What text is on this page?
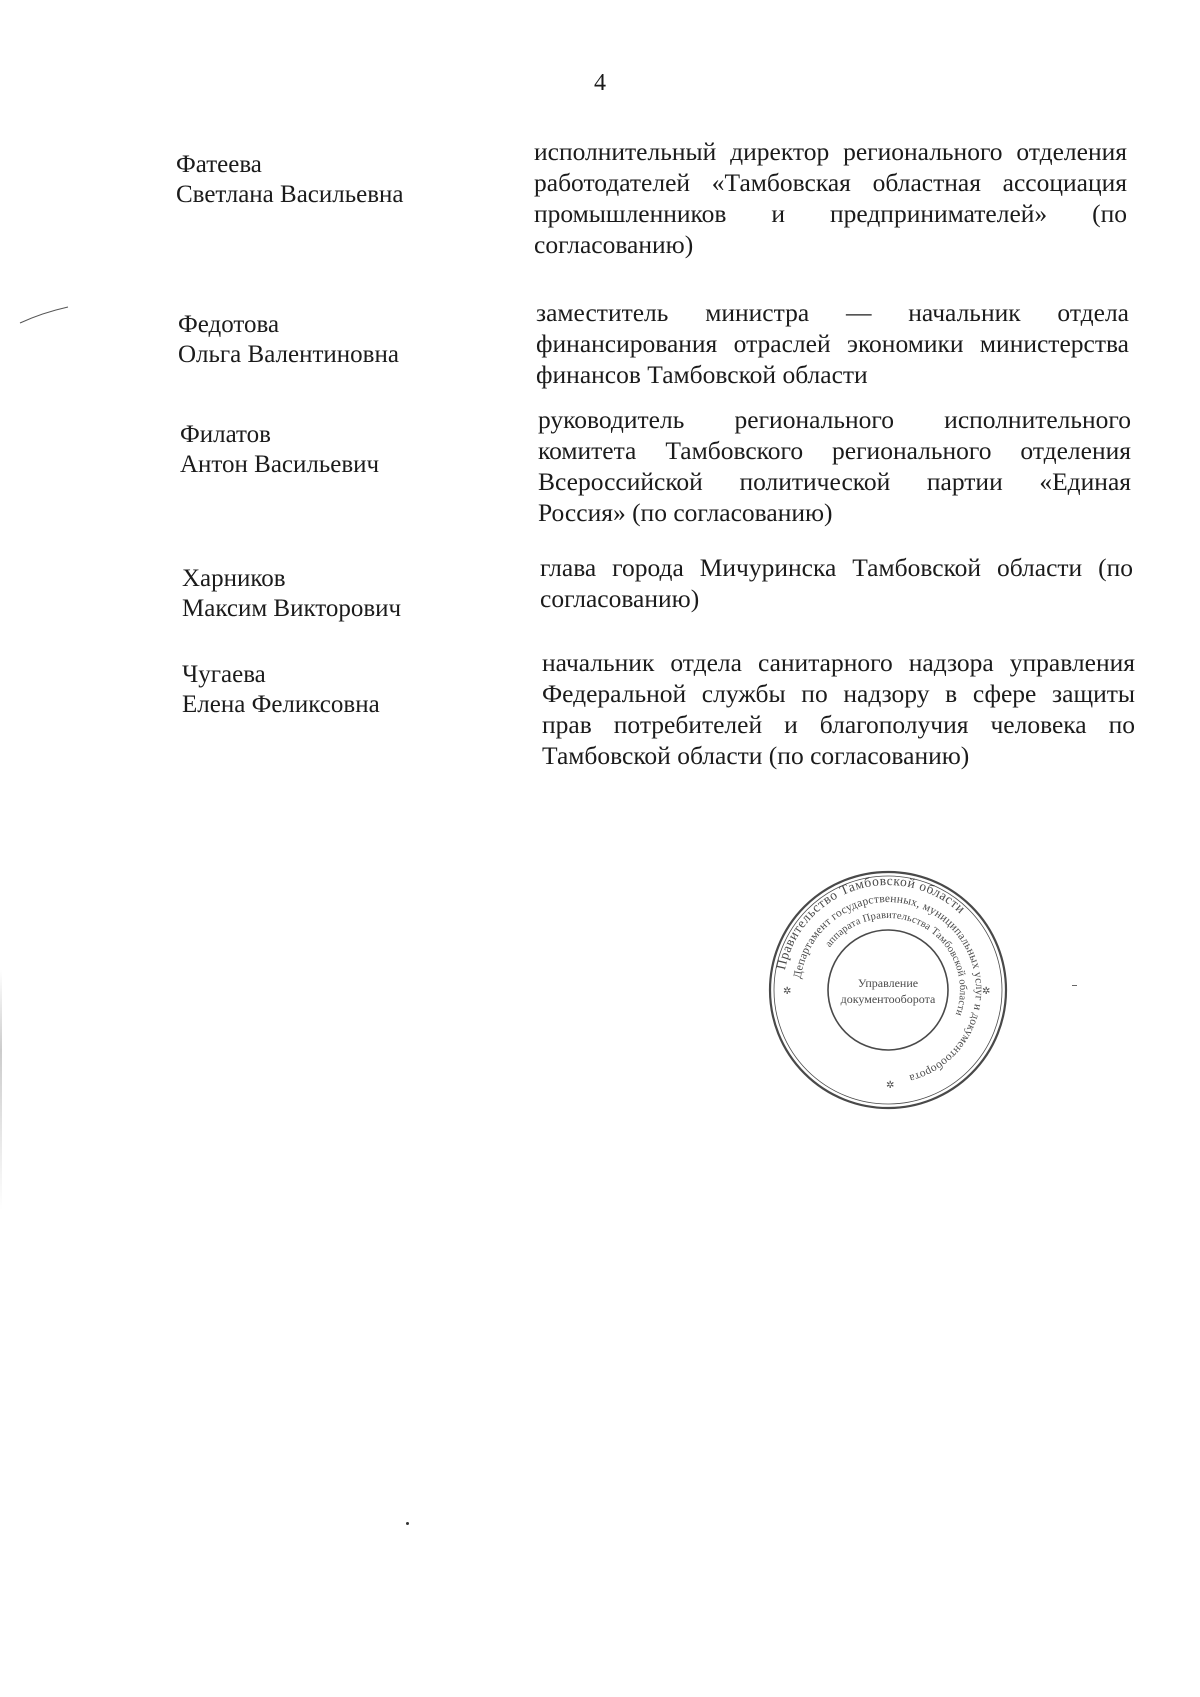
4
Фатеева
Светлана Васильевна
исполнительный директор регионального отделения работодателей «Тамбовская областная ассоциация промышленников и предпринимателей» (по согласованию)
Федотова
Ольга Валентиновна
заместитель министра — начальник отдела финансирования отраслей экономики министерства финансов Тамбовской области
Филатов
Антон Васильевич
руководитель регионального исполнительного комитета Тамбовского регионального отделения Всероссийской политической партии «Единая Россия» (по согласованию)
Харников
Максим Викторович
глава города Мичуринска Тамбовской области (по согласованию)
Чугаева
Елена Феликсовна
начальник отдела санитарного надзора управления Федеральной службы по надзору в сфере защиты прав потребителей и благополучия человека по Тамбовской области (по согласованию)
Правительство Тамбовской области
Департамент государственных, муниципальных услуг и документооборота
аппарата Правительства Тамбовской области
Управление
документооборота
✲	✲
✲
